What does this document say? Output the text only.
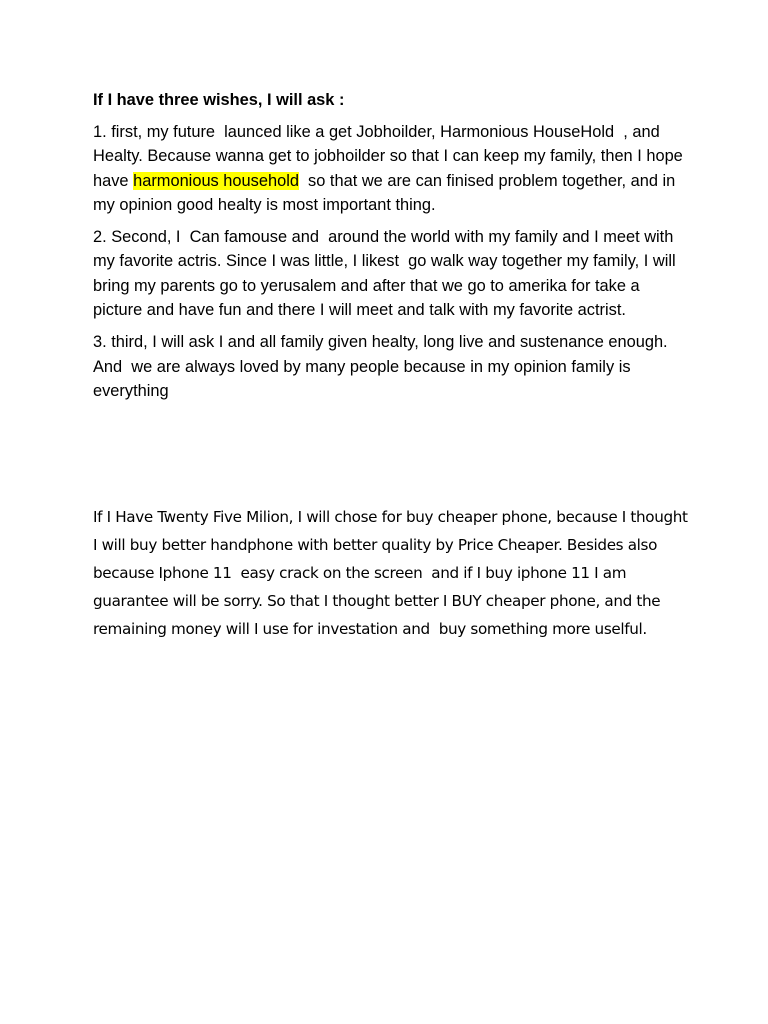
If I have three wishes, I will ask :

1. first, my future  launced like a get Jobhoilder, Harmonious HouseHold  , and  Healty. Because wanna get to jobhoilder so that I can keep my family, then I hope have harmonious household  so that we are can finised problem together, and in my opinion good healty is most important thing.

2. Second, I  Can famouse and  around the world with my family and I meet with my favorite actris. Since I was little, I likest  go walk way together my family, I will bring my parents go to yerusalem and after that we go to amerika for take a picture and have fun and there I will meet and talk with my favorite actrist.

3. third, I will ask I and all family given healty, long live and sustenance enough. And  we are always loved by many people because in my opinion family is everything

If I Have Twenty Five Milion, I will chose for buy cheaper phone, because I thought I will buy better handphone with better quality by Price Cheaper. Besides also because Iphone 11  easy crack on the screen  and if I buy iphone 11 I am guarantee will be sorry. So that I thought better I BUY cheaper phone, and the remaining money will I use for investation and  buy something more uselful.
